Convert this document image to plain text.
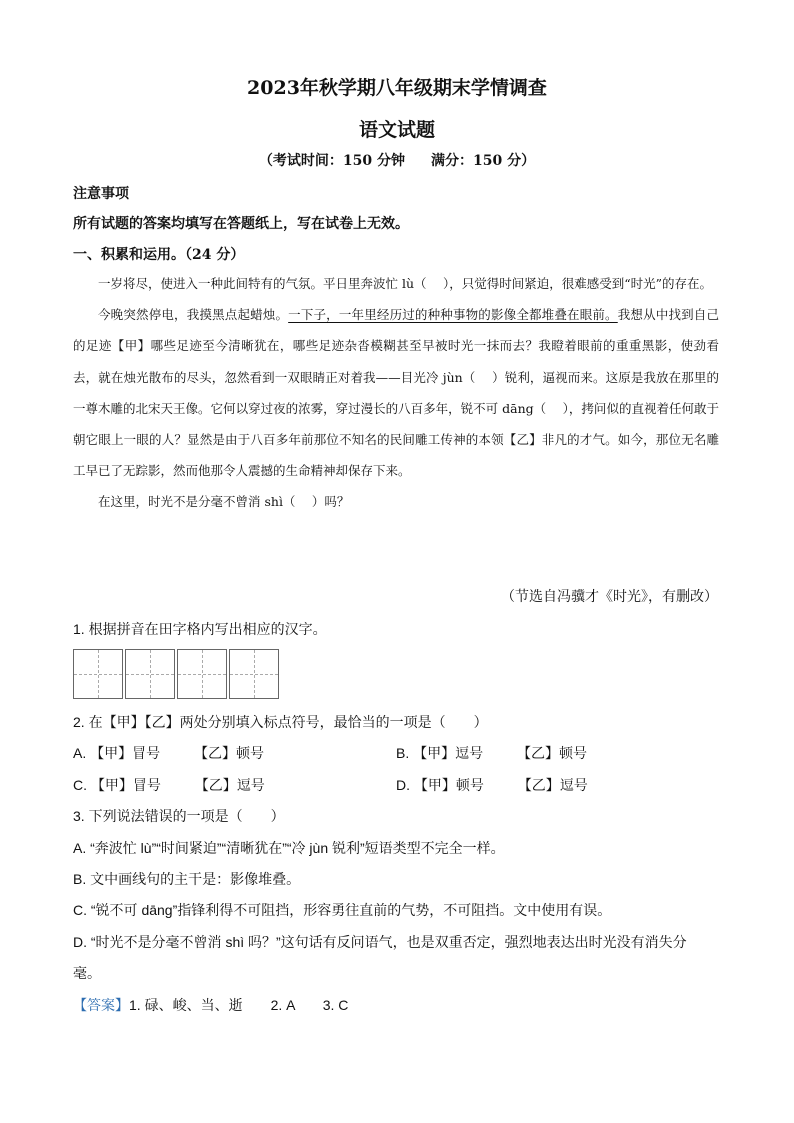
2023年秋学期八年级期末学情调查
语文试题
（考试时间：150 分钟 满分：150 分）
注意事项
所有试题的答案均填写在答题纸上，写在试卷上无效。
一、积累和运用。（24 分）

一岁将尽，使进入一种此间特有的气氛。平日里奔波忙 lù（　 ），只觉得时间紧迫，很难感受到“时光”的存在。

今晚突然停电，我摸黑点起蜡烛。一下子，一年里经历过的种种事物的影像全都堆叠在眼前。我想从中找到自己的足迹【甲】哪些足迹至今清晰犹在，哪些足迹杂沓模糊甚至早被时光一抹而去？我瞪着眼前的重重黑影，使劲看去，就在烛光散布的尽头，忽然看到一双眼睛正对着我——目光冷 jùn（　 ）锐利，逼视而来。这原是我放在那里的一尊木雕的北宋天王像。它何以穿过夜的浓雾，穿过漫长的八百多年，锐不可 dāng（　 ），拷问似的直视着任何敢于朝它眼上一眼的人？显然是由于八百多年前那位不知名的民间雕工传神的本领【乙】非凡的才气。如今，那位无名雕工早已了无踪影，然而他那令人震撼的生命精神却保存下来。

在这里，时光不是分毫不曾消 shì（　 ）吗？

（节选自冯骥才《时光》，有删改）
1. 根据拼音在田字格内写出相应的汉字。
2. 在【甲】【乙】两处分别填入标点符号，最恰当的一项是（　　）
A. 【甲】冒号 【乙】顿号	B. 【甲】逗号 【乙】顿号
C. 【甲】冒号 【乙】逗号	D. 【甲】顿号 【乙】逗号
3. 下列说法错误的一项是（　　）
A. “奔波忙 lù”“时间紧迫”“清晰犹在”“冷 jùn 锐利”短语类型不完全一样。
B. 文中画线句的主干是：影像堆叠。
C. “锐不可 dāng”指锋利得不可阻挡，形容勇往直前的气势，不可阻挡。文中使用有误。
D. “时光不是分毫不曾消 shì 吗？”这句话有反问语气，也是双重否定，强烈地表达出时光没有消失分
毫。
【答案】1. 碌、峻、当、逝　　2. A　　3. C
